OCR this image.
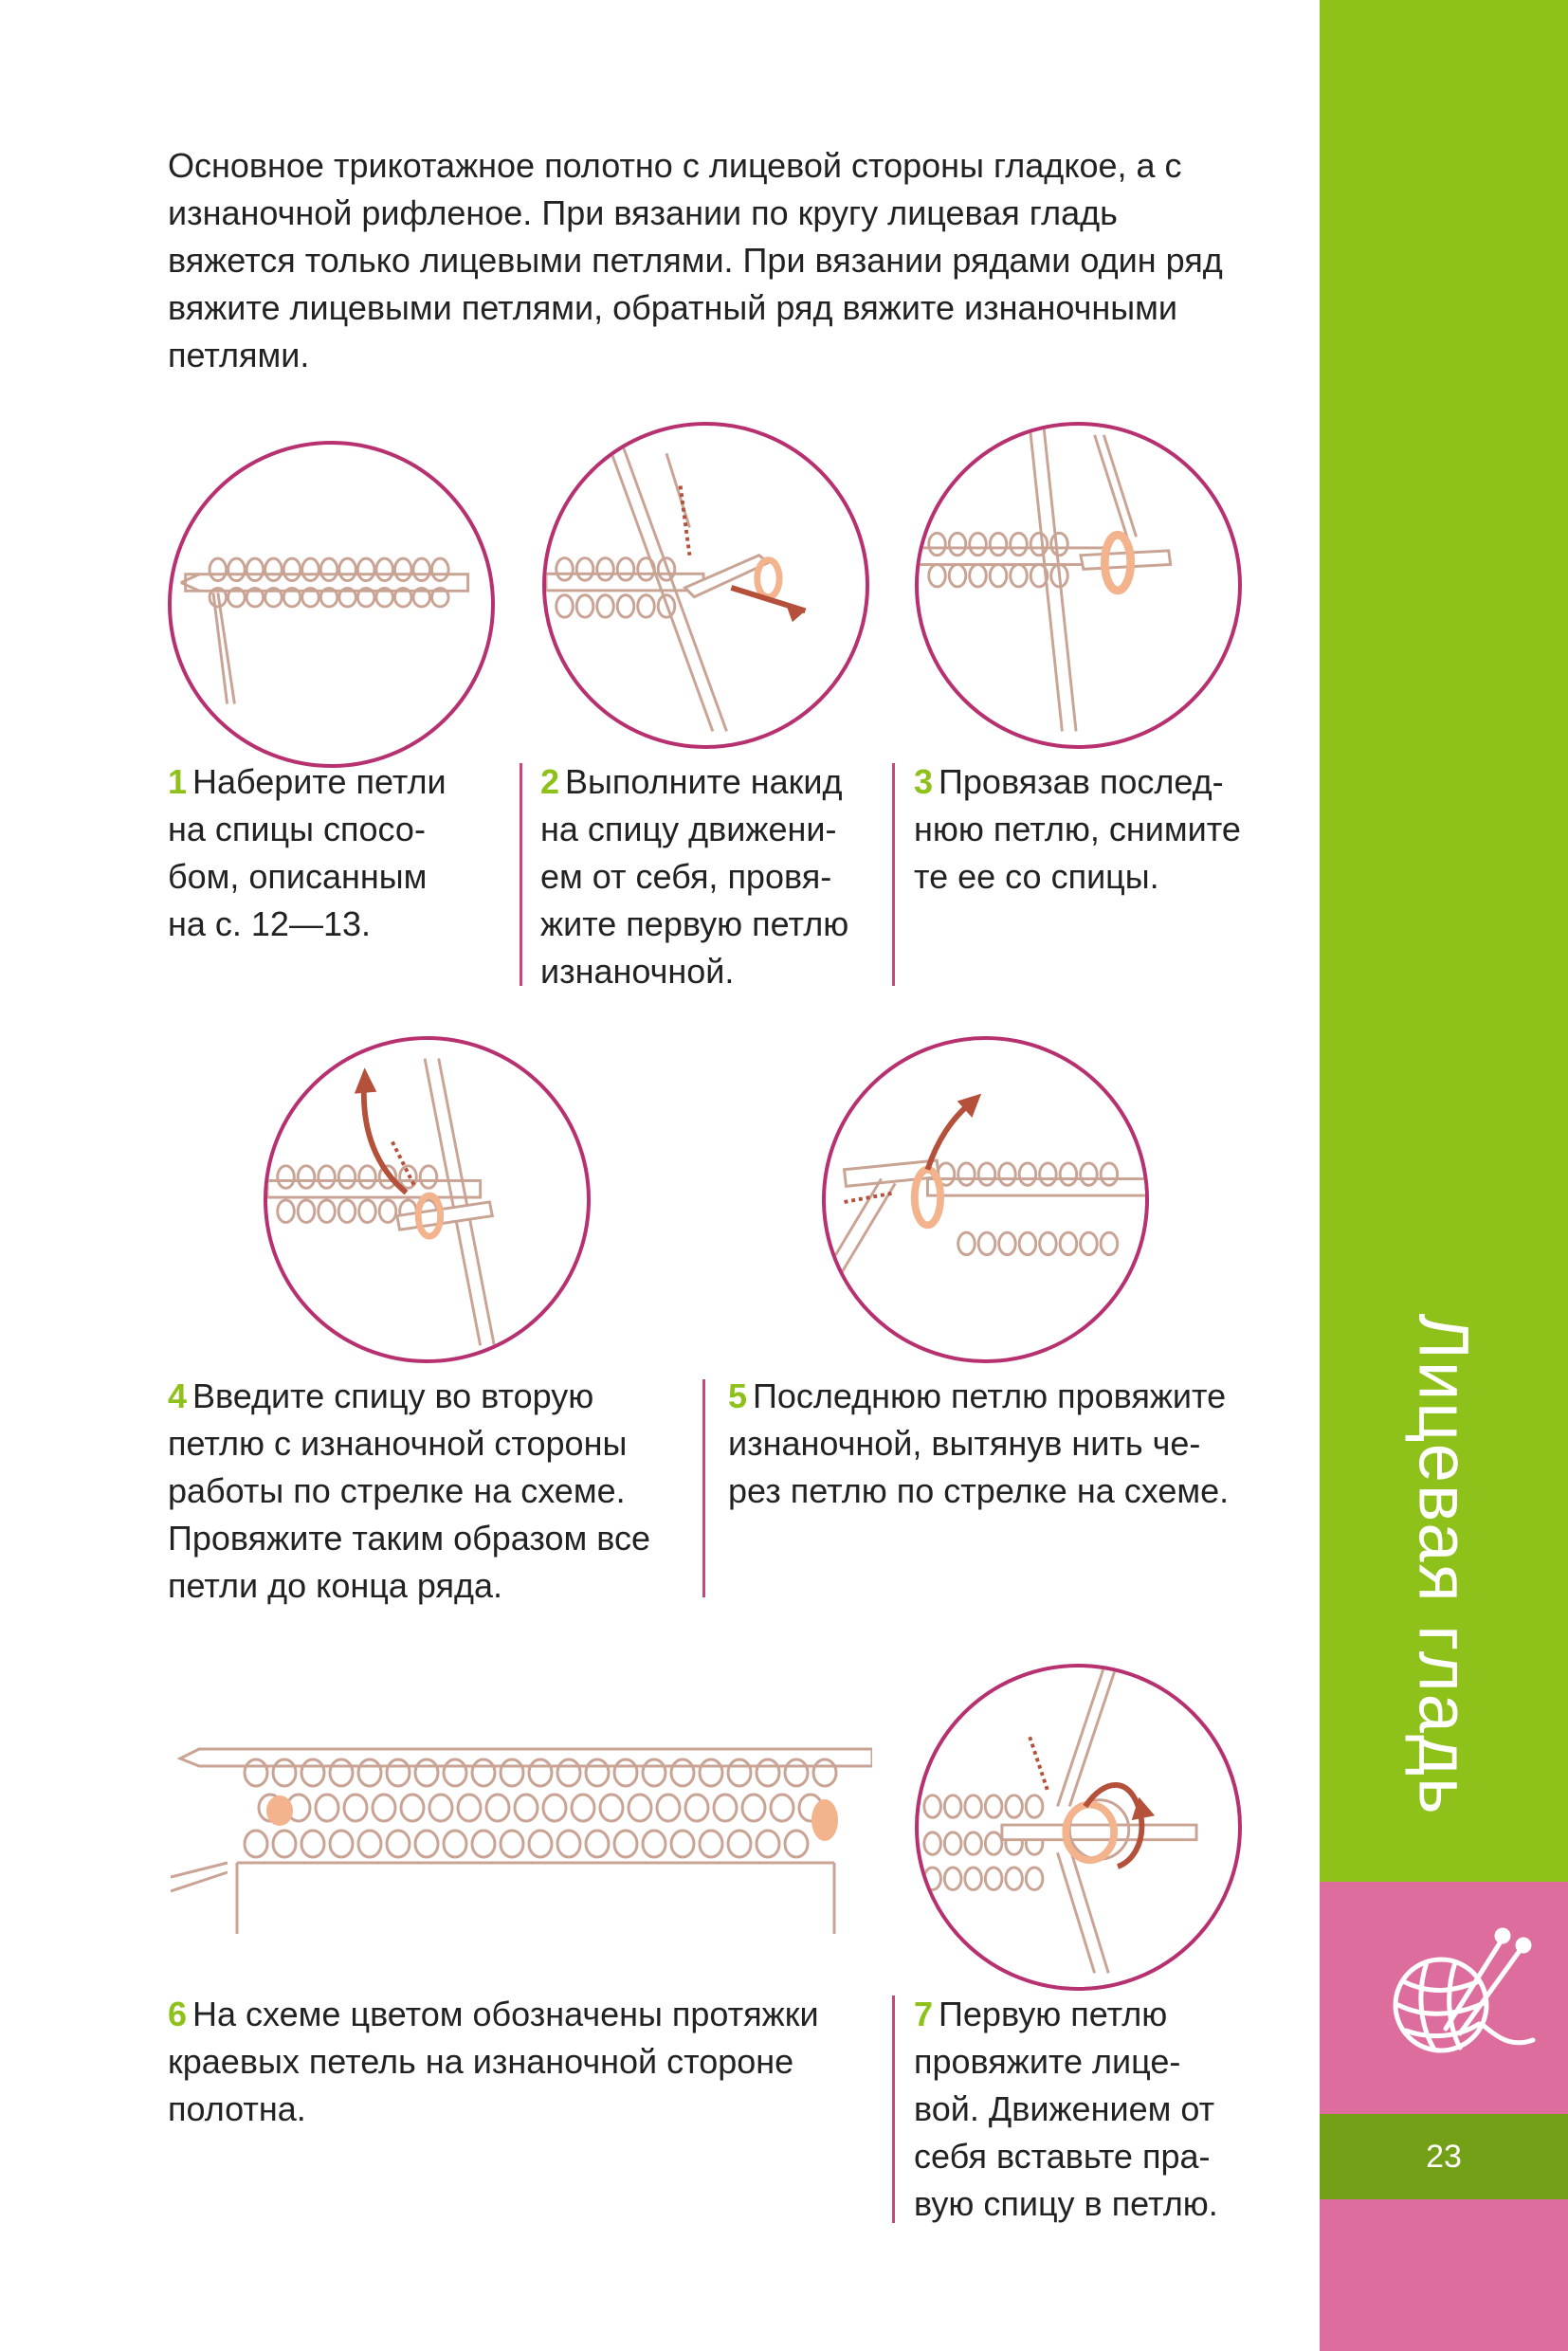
Основное трикотажное полотно с лицевой стороны гладкое, а с изнаночной рифленое. При вязании по кругу лицевая гладь вяжется только лицевыми петлями. При вязании рядами один ряд вяжите лицевыми петлями, обратный ряд вяжите изнаночными петлями.
1 Наберите петли
на спицы спосо-
бом, описанным
на с. 12—13.
2 Выполните накид
на спицу движени-
ем от себя, провя-
жите первую петлю
изнаночной.
3 Провязав послед-
нюю петлю, снимите
те ее со спицы.
4 Введите спицу во вторую
петлю с изнаночной стороны
работы по стрелке на схеме.
Провяжите таким образом все
петли до конца ряда.
5 Последнюю петлю провяжите
изнаночной, вытянув нить че-
рез петлю по стрелке на схеме.
6 На схеме цветом обозначены протяжки
краевых петель на изнаночной стороне
полотна.
7 Первую петлю
провяжите лице-
вой. Движением от
себя вставьте пра-
вую спицу в петлю.
Лицевая гладь
23
